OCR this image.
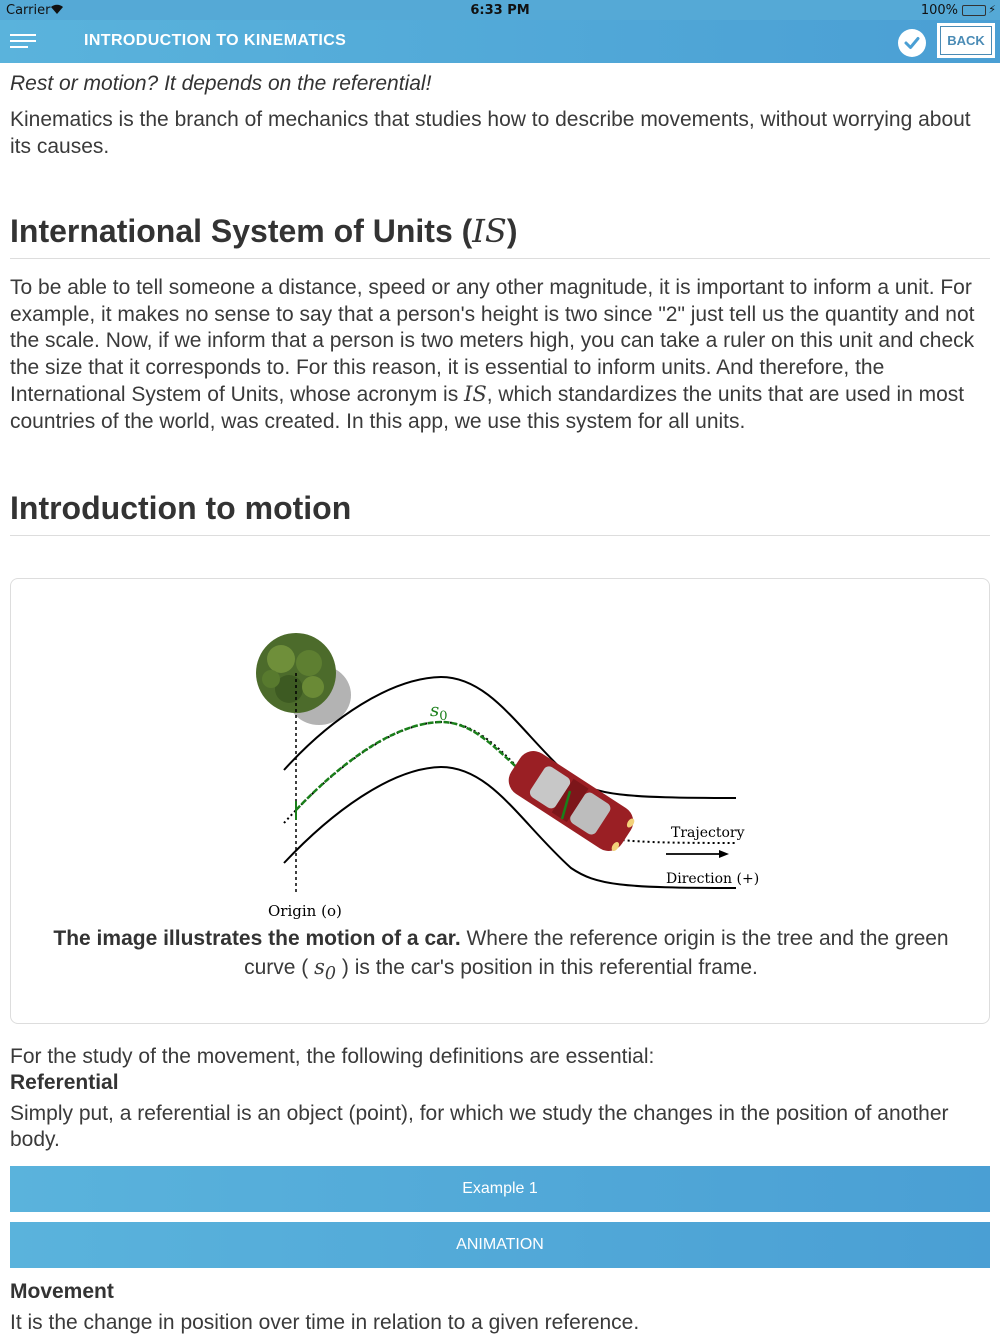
Carrier	6:33 PM	100%	⚡
INTRODUCTION TO KINEMATICS	BACK
Rest or motion? It depends on the referential!
Kinematics is the branch of mechanics that studies how to describe movements, without worrying about its causes.
International System of Units (IS)
To be able to tell someone a distance, speed or any other magnitude, it is important to inform a unit. For example, it makes no sense to say that a person's height is two since "2" just tell us the quantity and not the scale. Now, if we inform that a person is two meters high, you can take a ruler on this unit and check the size that it corresponds to. For this reason, it is essential to inform units. And therefore, the International System of Units, whose acronym is IS, which standardizes the units that are used in most countries of the world, was created. In this app, we use this system for all units.
Introduction to motion
$s_0$
Trajectory
Direction (+)
Origin (o)
The image illustrates the motion of a car. Where the reference origin is the tree and the green curve ( $s_0$ ) is the car's position in this referential frame.
For the study of the movement, the following definitions are essential:
Referential
Simply put, a referential is an object (point), for which we study the changes in the position of another body.
Example 1
ANIMATION
Movement
It is the change in position over time in relation to a given reference.
